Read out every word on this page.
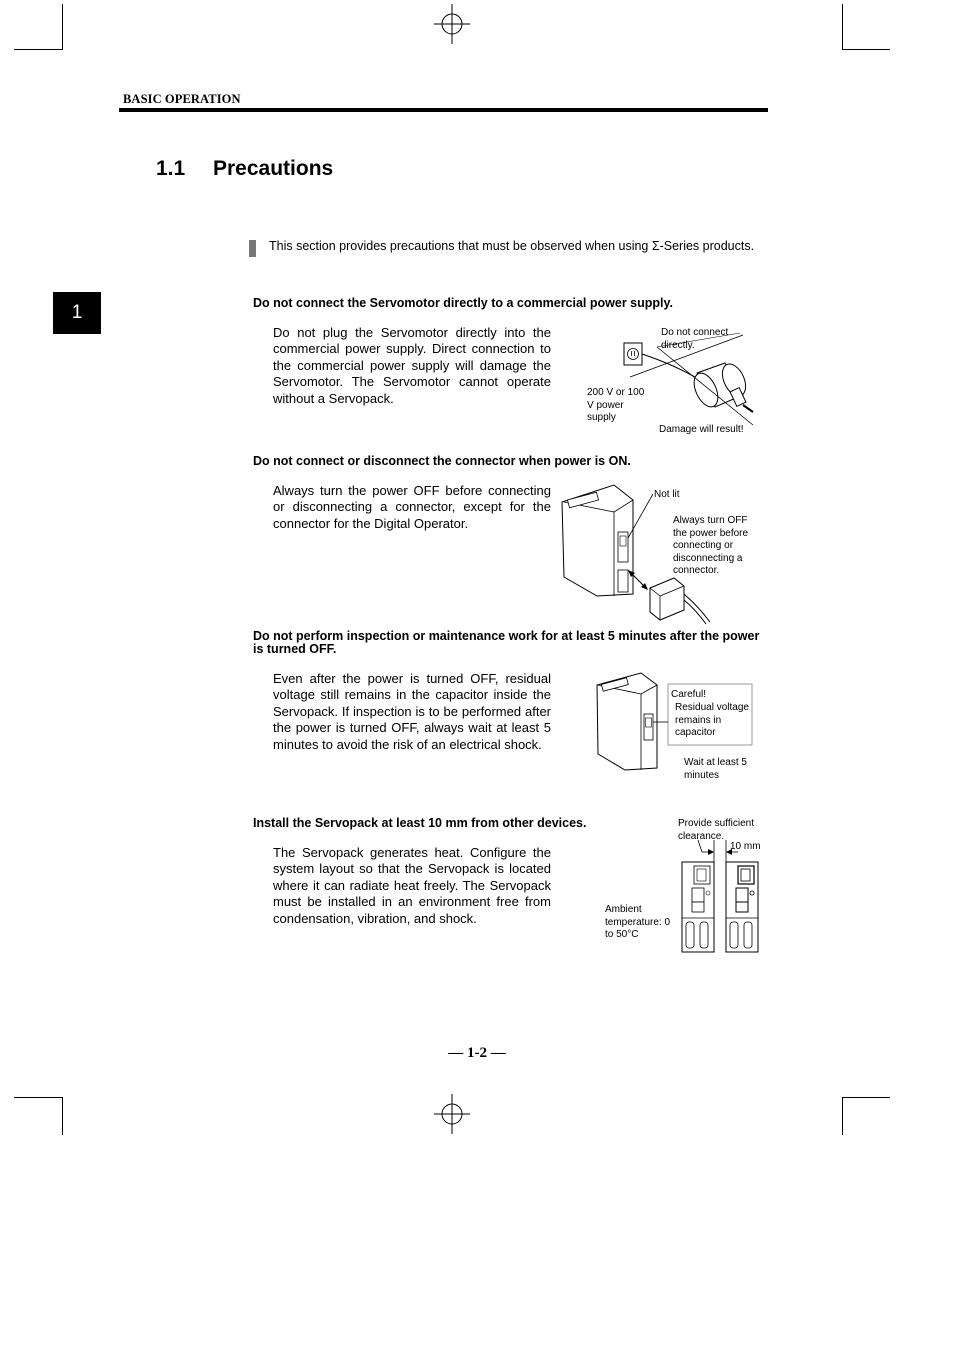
BASIC OPERATION
1.1 Precautions
1
This section provides precautions that must be observed when using Σ-Series products.
Do not connect the Servomotor directly to a commercial power supply.
Do not plug the Servomotor directly into the commercial power supply. Direct connection to the commercial power supply will damage the Servomotor. The Servomotor cannot operate without a Servopack.
Do not connect directly.
200 V or 100 V power supply
Damage will result!
Do not connect or disconnect the connector when power is ON.
Always turn the power OFF before connecting or disconnecting a connector, except for the connector for the Digital Operator.
Not lit
Always turn OFF the power before connecting or disconnecting a connector.
Do not perform inspection or maintenance work for at least 5 minutes after the power is turned OFF.
Even after the power is turned OFF, residual voltage still remains in the capacitor inside the Servopack. If inspection is to be performed after the power is turned OFF, always wait at least 5 minutes to avoid the risk of an electrical shock.
Careful!
Residual voltage remains in capacitor
Wait at least 5 minutes
Install the Servopack at least 10 mm from other devices.
The Servopack generates heat. Configure the system layout so that the Servopack is located where it can radiate heat freely. The Servopack must be installed in an environment free from condensation, vibration, and shock.
Provide sufficient clearance.
10 mm
Ambient temperature: 0 to 50°C
— 1-2 —
